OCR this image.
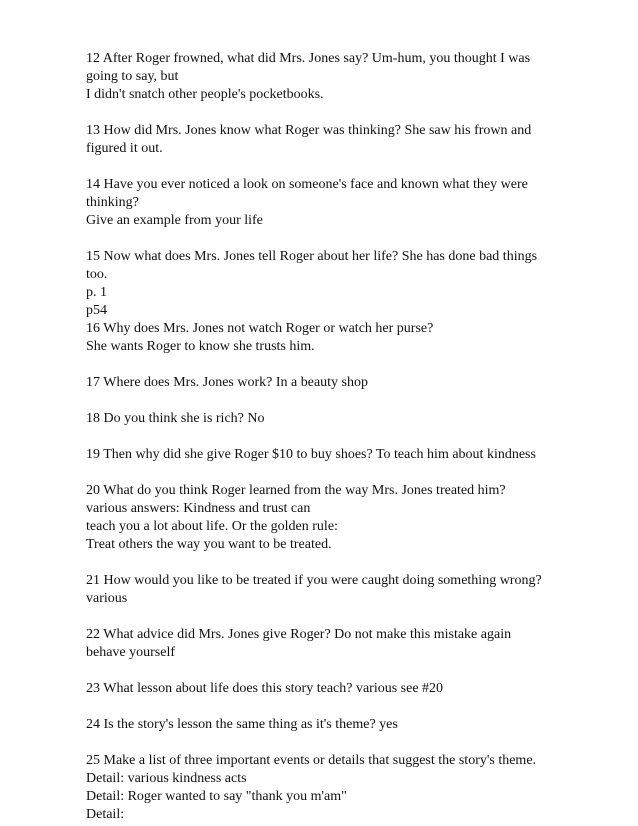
12 After Roger frowned, what did Mrs. Jones say? Um-hum, you thought I was
going to say, but
I didn't snatch other people's pocketbooks.
13 How did Mrs. Jones know what Roger was thinking? She saw his frown and
figured it out.
14 Have you ever noticed a look on someone's face and known what they were
thinking?
Give an example from your life
15 Now what does Mrs. Jones tell Roger about her life? She has done bad things
too.
p. 1
p54
16 Why does Mrs. Jones not watch Roger or watch her purse?
She wants Roger to know she trusts him.
17 Where does Mrs. Jones work? In a beauty shop
18 Do you think she is rich? No
19 Then why did she give Roger $10 to buy shoes? To teach him about kindness
20 What do you think Roger learned from the way Mrs. Jones treated him?
various answers: Kindness and trust can
teach you a lot about life. Or the golden rule:
Treat others the way you want to be treated.
21 How would you like to be treated if you were caught doing something wrong?
various
22 What advice did Mrs. Jones give Roger? Do not make this mistake again
behave yourself
23 What lesson about life does this story teach? various see #20
24 Is the story's lesson the same thing as it's theme? yes
25 Make a list of three important events or details that suggest the story's theme.
Detail: various kindness acts
Detail: Roger wanted to say "thank you m'am"
Detail:
